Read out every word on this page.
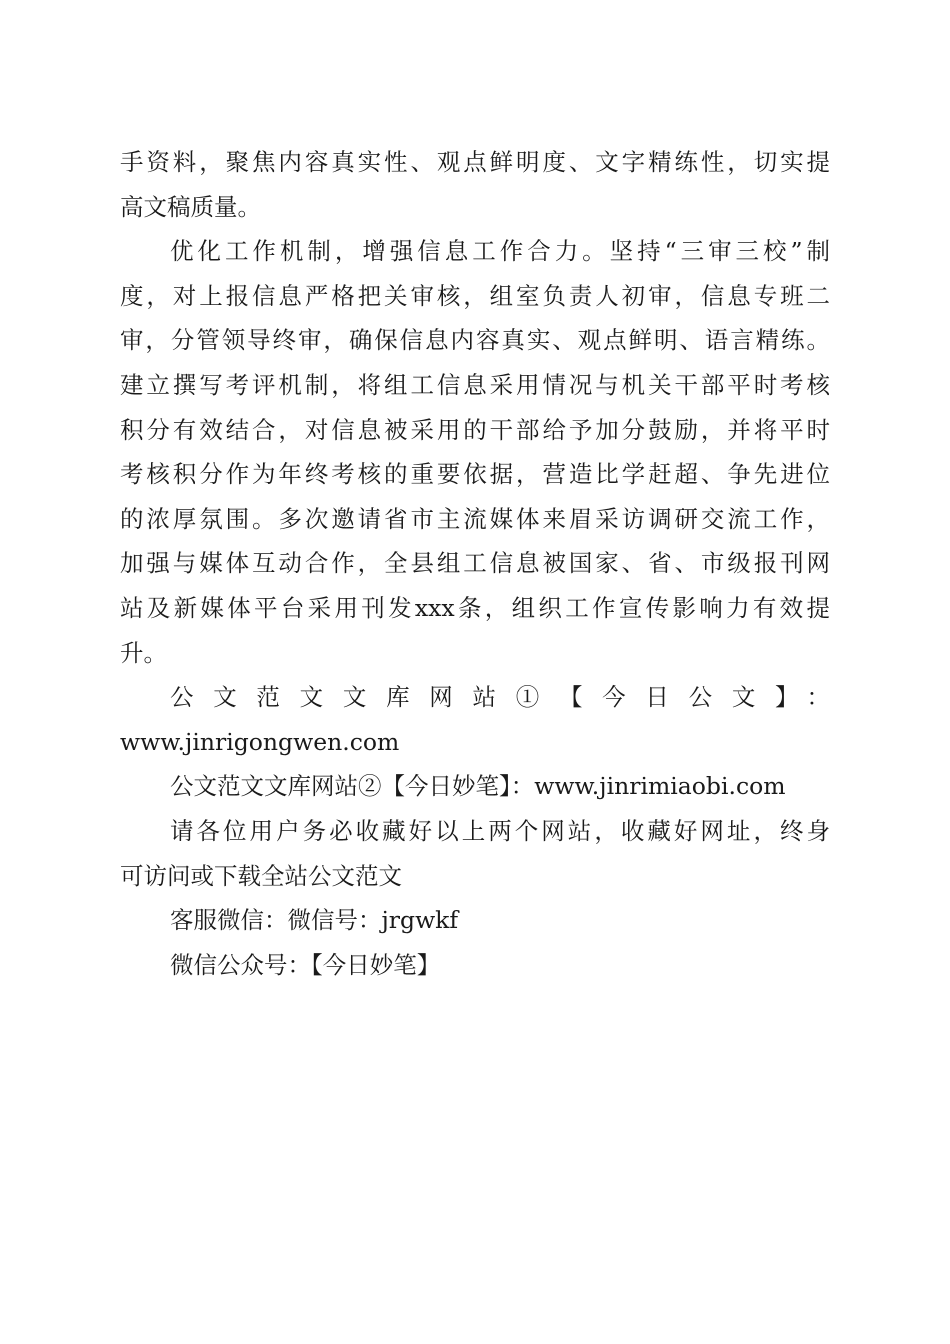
手资料，聚焦内容真实性、观点鲜明度、文字精练性，切实提
高文稿质量。
优化工作机制，增强信息工作合力。坚持“三审三校”制
度，对上报信息严格把关审核，组室负责人初审，信息专班二
审，分管领导终审，确保信息内容真实、观点鲜明、语言精练。
建立撰写考评机制，将组工信息采用情况与机关干部平时考核
积分有效结合，对信息被采用的干部给予加分鼓励，并将平时
考核积分作为年终考核的重要依据，营造比学赶超、争先进位
的浓厚氛围。多次邀请省市主流媒体来眉采访调研交流工作，
加强与媒体互动合作，全县组工信息被国家、省、市级报刊网
站及新媒体平台采用刊发xxx条，组织工作宣传影响力有效提
升。
公文范文文库网站①【今日公文】：
www.jinrigongwen.com
公文范文文库网站②【今日妙笔】：www.jinrimiaobi.com
请各位用户务必收藏好以上两个网站，收藏好网址，终身
可访问或下载全站公文范文
客服微信：微信号：jrgwkf
微信公众号：【今日妙笔】
